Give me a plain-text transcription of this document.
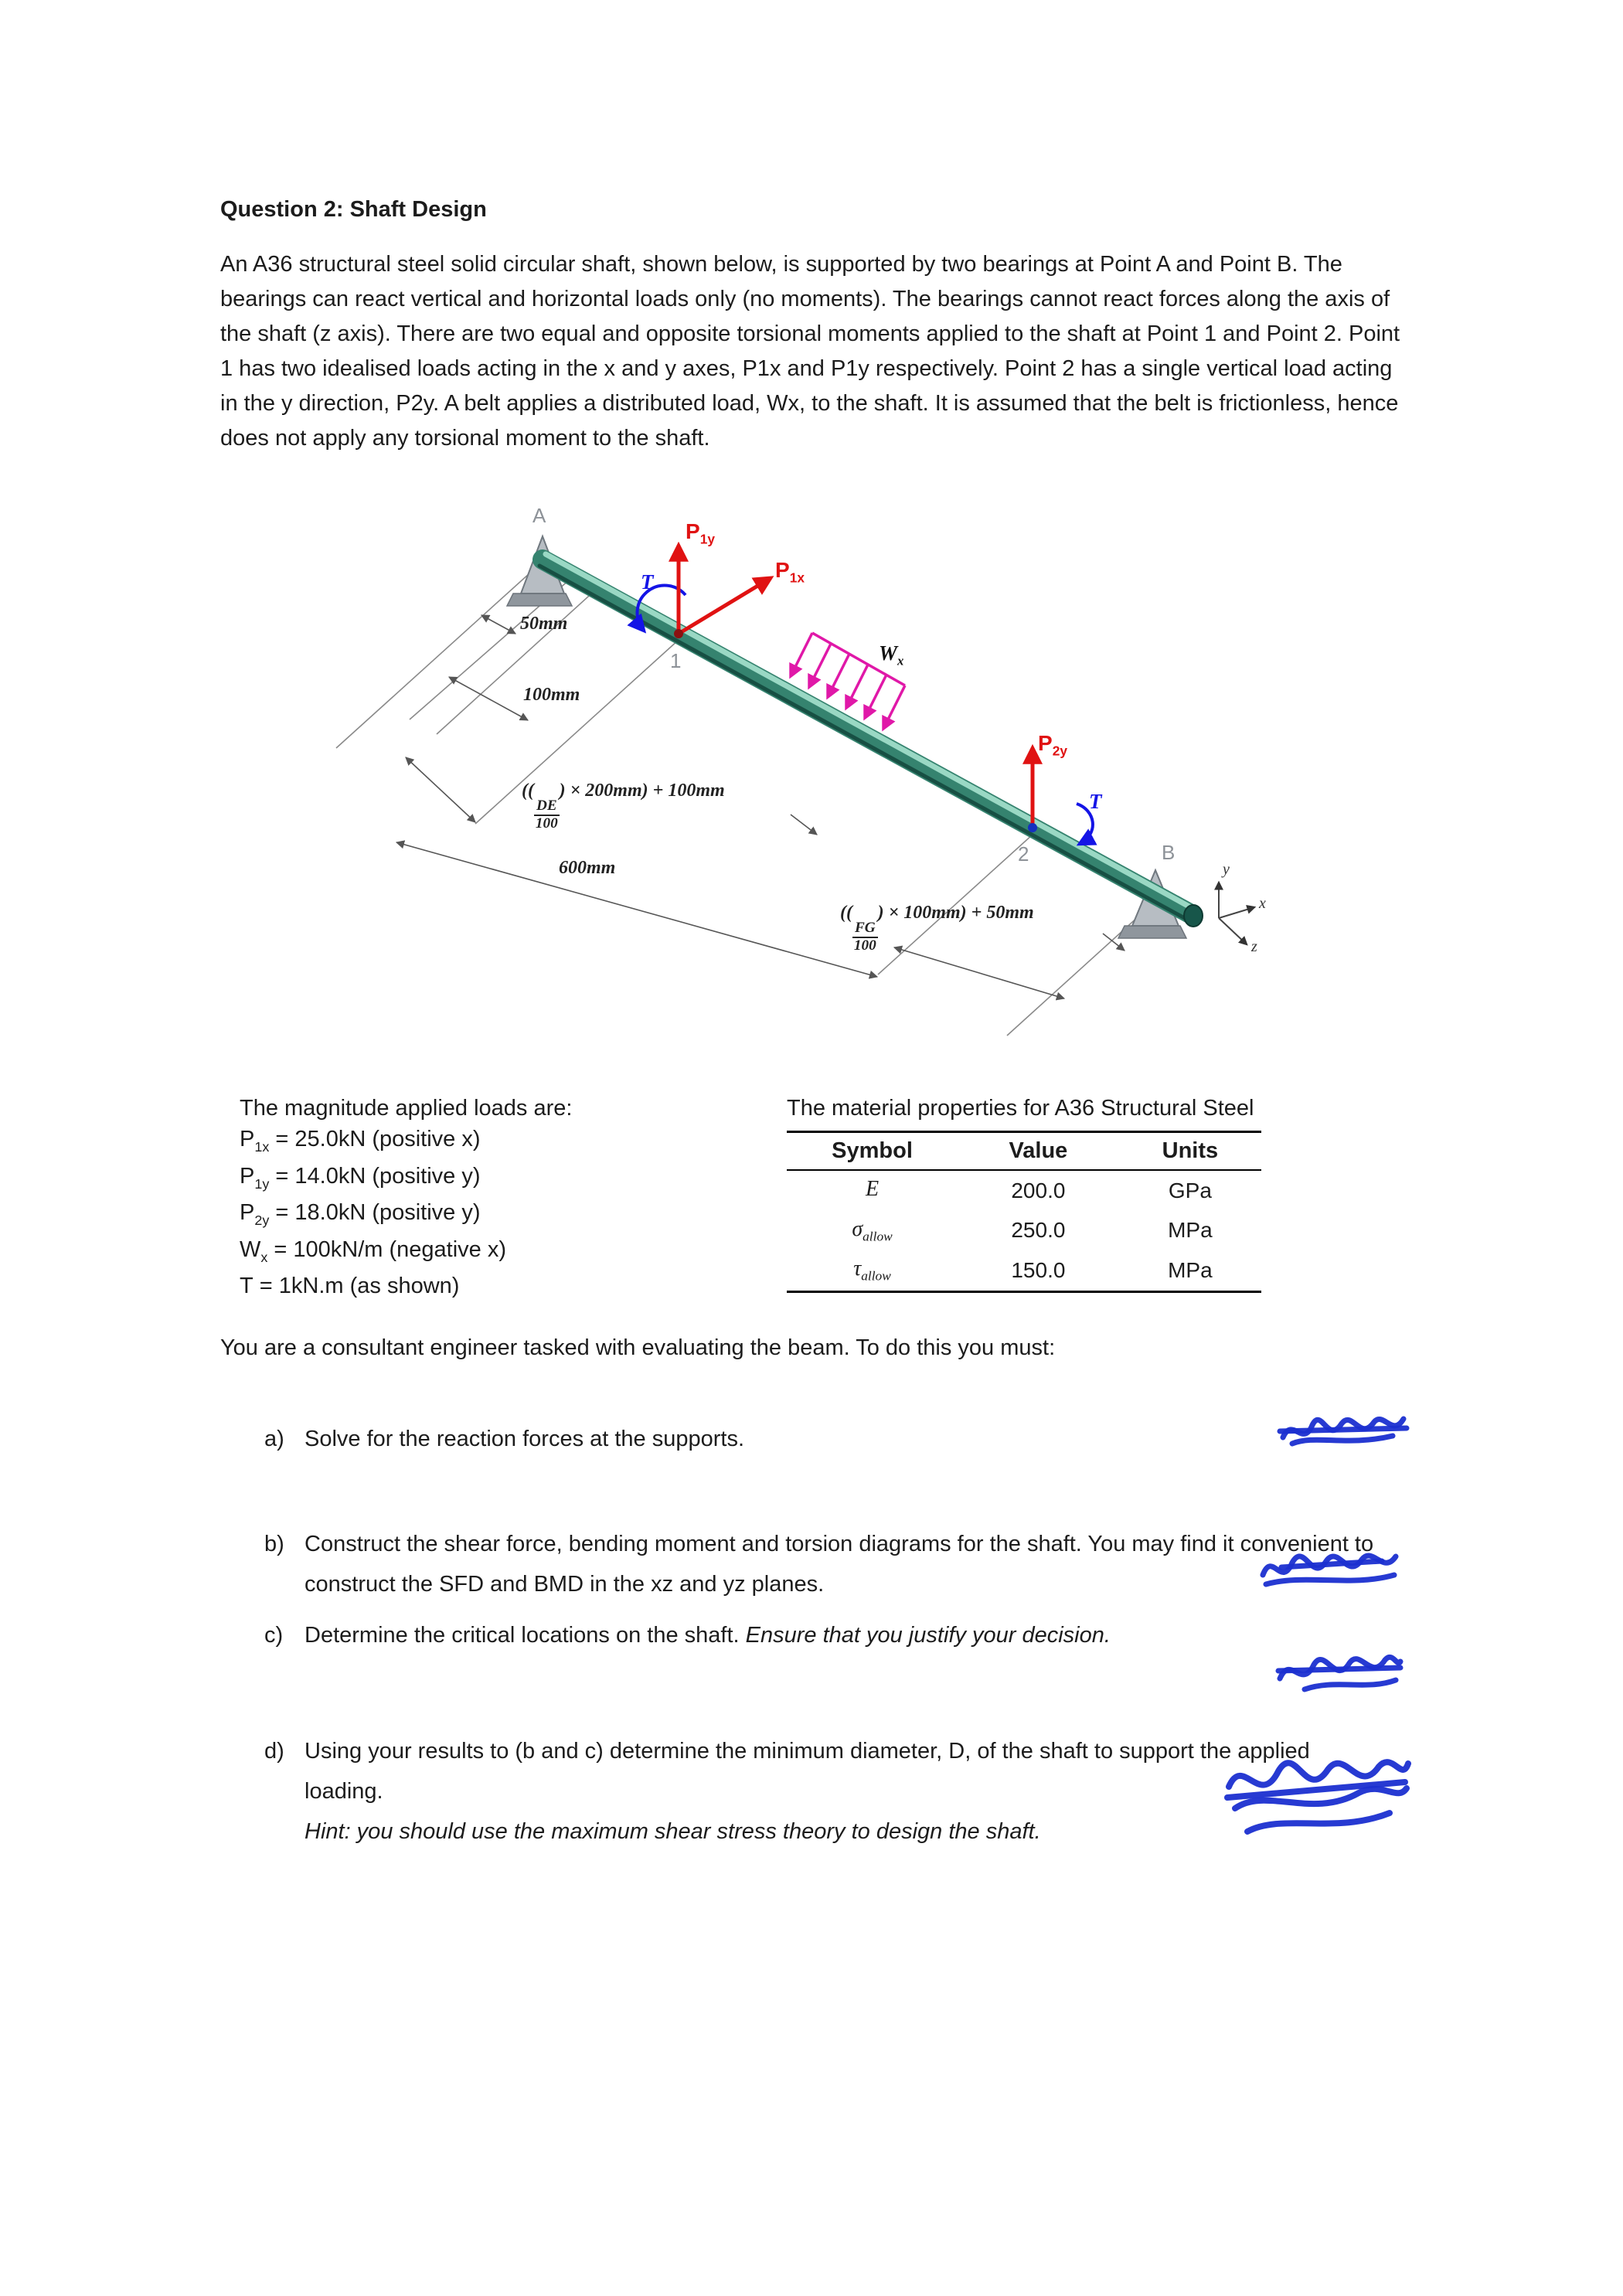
Question 2: Shaft Design
An A36 structural steel solid circular shaft, shown below, is supported by two bearings at Point A and Point B. The bearings can react vertical and horizontal loads only (no moments). The bearings cannot react forces along the axis of the shaft (z axis). There are two equal and opposite torsional moments applied to the shaft at Point 1 and Point 2. Point 1 has two idealised loads acting in the x and y axes, P1x and P1y respectively. Point 2 has a single vertical load acting in the y direction, P2y. A belt applies a distributed load, Wx, to the shaft. It is assumed that the belt is frictionless, hence does not apply any torsional moment to the shaft.
A
B
1
2
$P_{1y}$
$P_{1x}$
$P_{2y}$
T
T
$W_x$
50mm
100mm
600mm
((
$\frac{DE}{100}$
) × 200mm) + 100mm
((
$\frac{FG}{100}$
) × 100mm) + 50mm
y
x
z
The magnitude applied loads are:
$P_{1x} = 25.0kN$ (positive x)
$P_{1y} = 14.0kN$ (positive y)
$P_{2y} = 18.0kN$ (positive y)
$W_x = 100kN/m$ (negative x)
T = 1kN.m (as shown)
The material properties for A36 Structural Steel
Symbol	Value	Units
E	200.0	GPa
$\sigma_{allow}$	250.0	MPa
$\tau_{allow}$	150.0	MPa
You are a consultant engineer tasked with evaluating the beam. To do this you must:
a) Solve for the reaction forces at the supports.
b) Construct the shear force, bending moment and torsion diagrams for the shaft. You may find it convenient to construct the SFD and BMD in the xz and yz planes.
c) Determine the critical locations on the shaft. Ensure that you justify your decision.
d) Using your results to (b and c) determine the minimum diameter, D, of the shaft to support the applied loading.
Hint: you should use the maximum shear stress theory to design the shaft.
